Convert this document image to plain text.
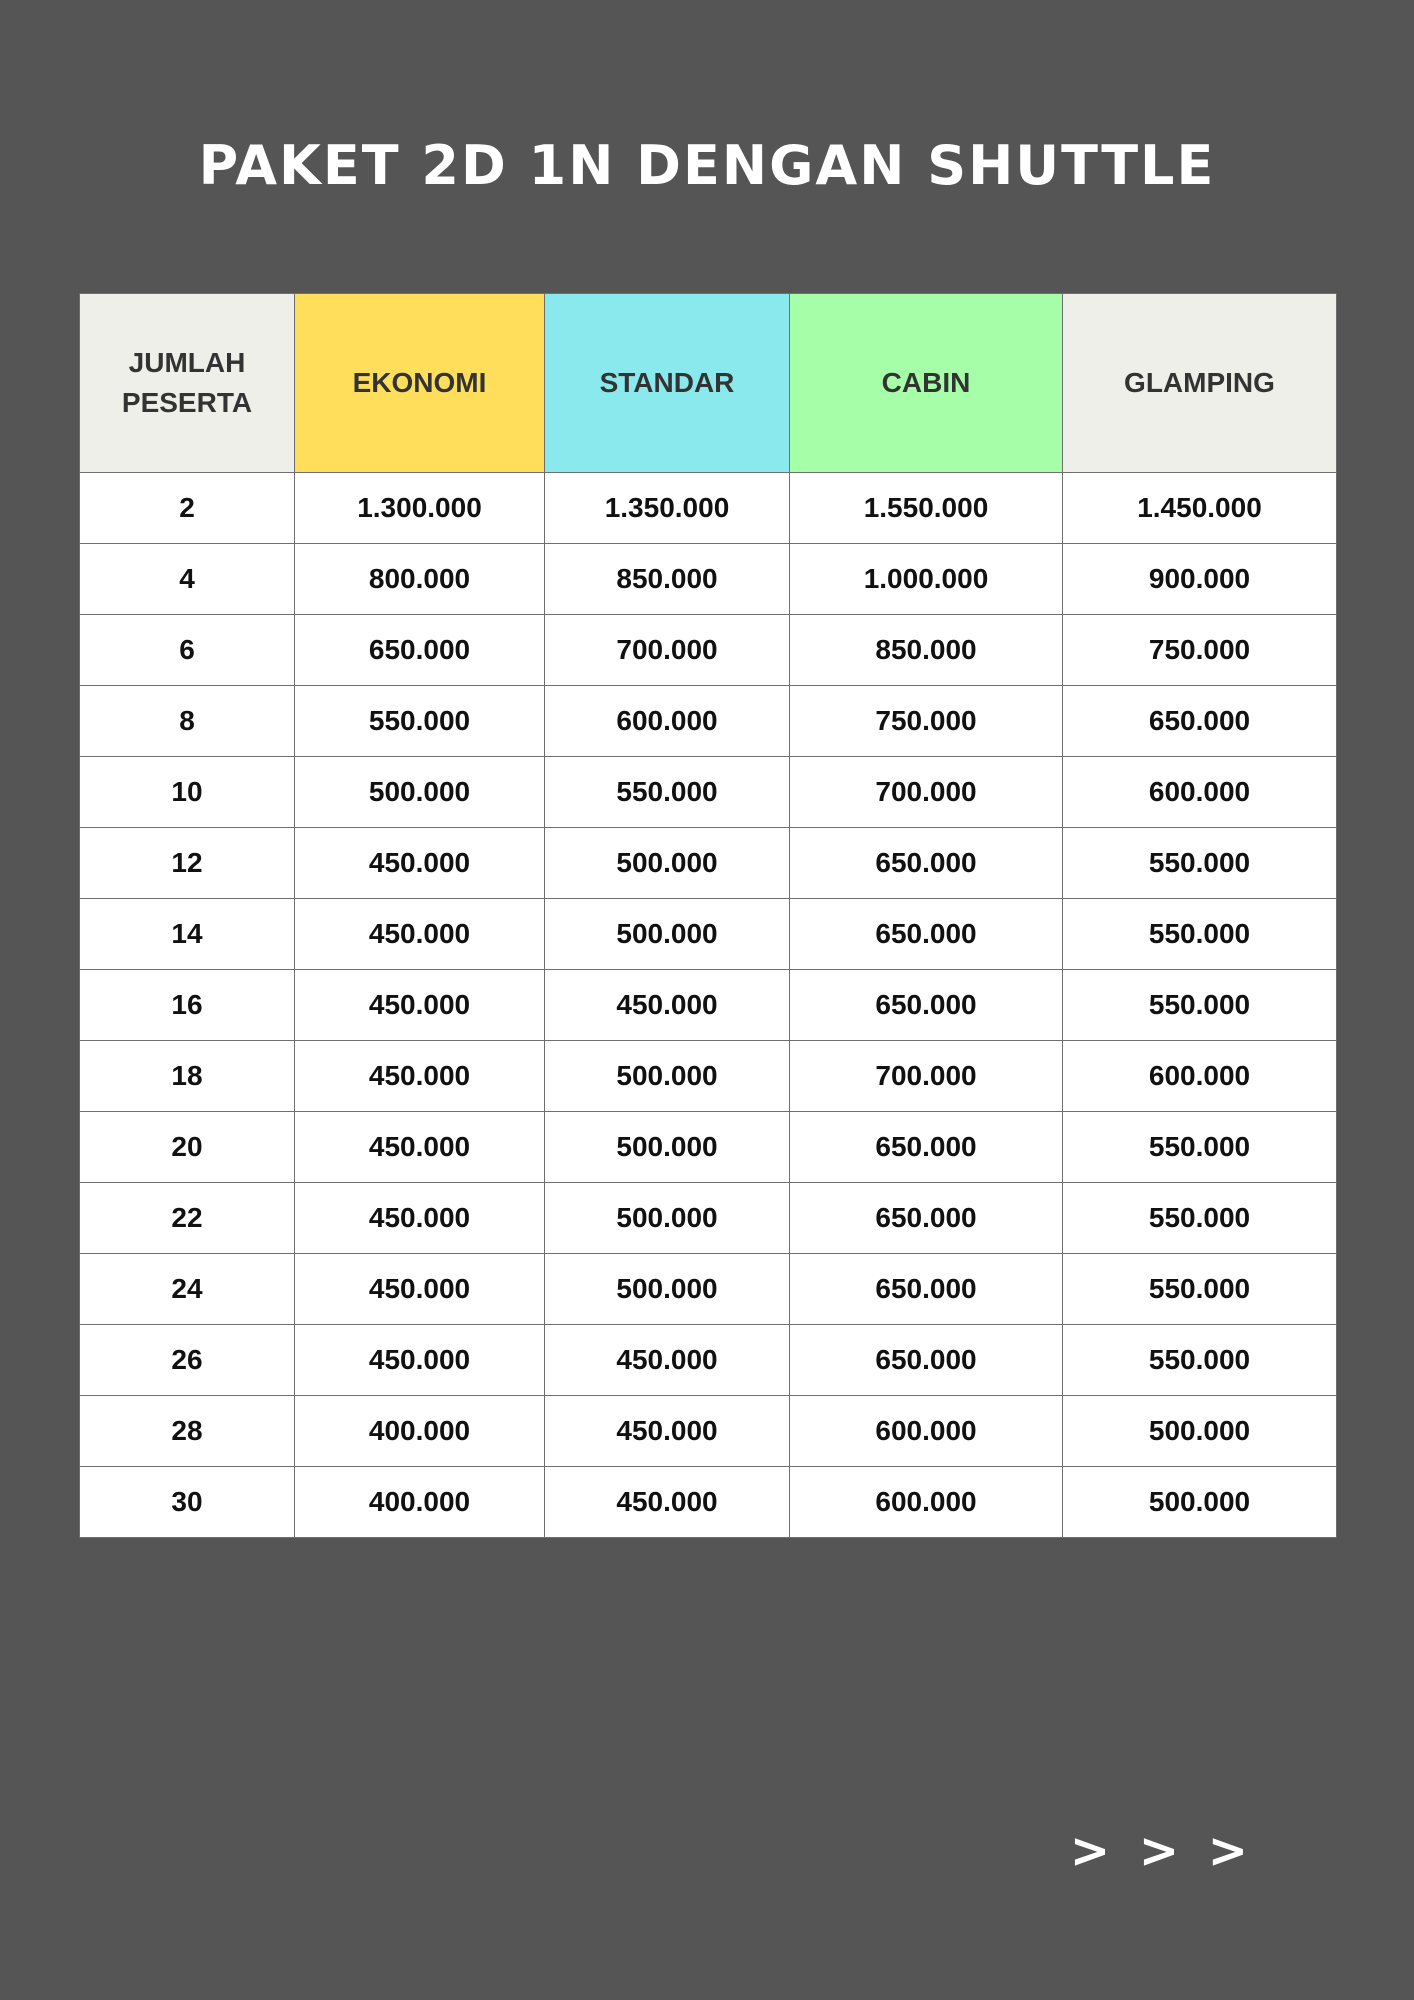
PAKET 2D 1N DENGAN SHUTTLE
JUMLAH PESERTA	EKONOMI	STANDAR	CABIN	GLAMPING
2	1.300.000	1.350.000	1.550.000	1.450.000
4	800.000	850.000	1.000.000	900.000
6	650.000	700.000	850.000	750.000
8	550.000	600.000	750.000	650.000
10	500.000	550.000	700.000	600.000
12	450.000	500.000	650.000	550.000
14	450.000	500.000	650.000	550.000
16	450.000	450.000	650.000	550.000
18	450.000	500.000	700.000	600.000
20	450.000	500.000	650.000	550.000
22	450.000	500.000	650.000	550.000
24	450.000	500.000	650.000	550.000
26	450.000	450.000	650.000	550.000
28	400.000	450.000	600.000	500.000
30	400.000	450.000	600.000	500.000
> > >
